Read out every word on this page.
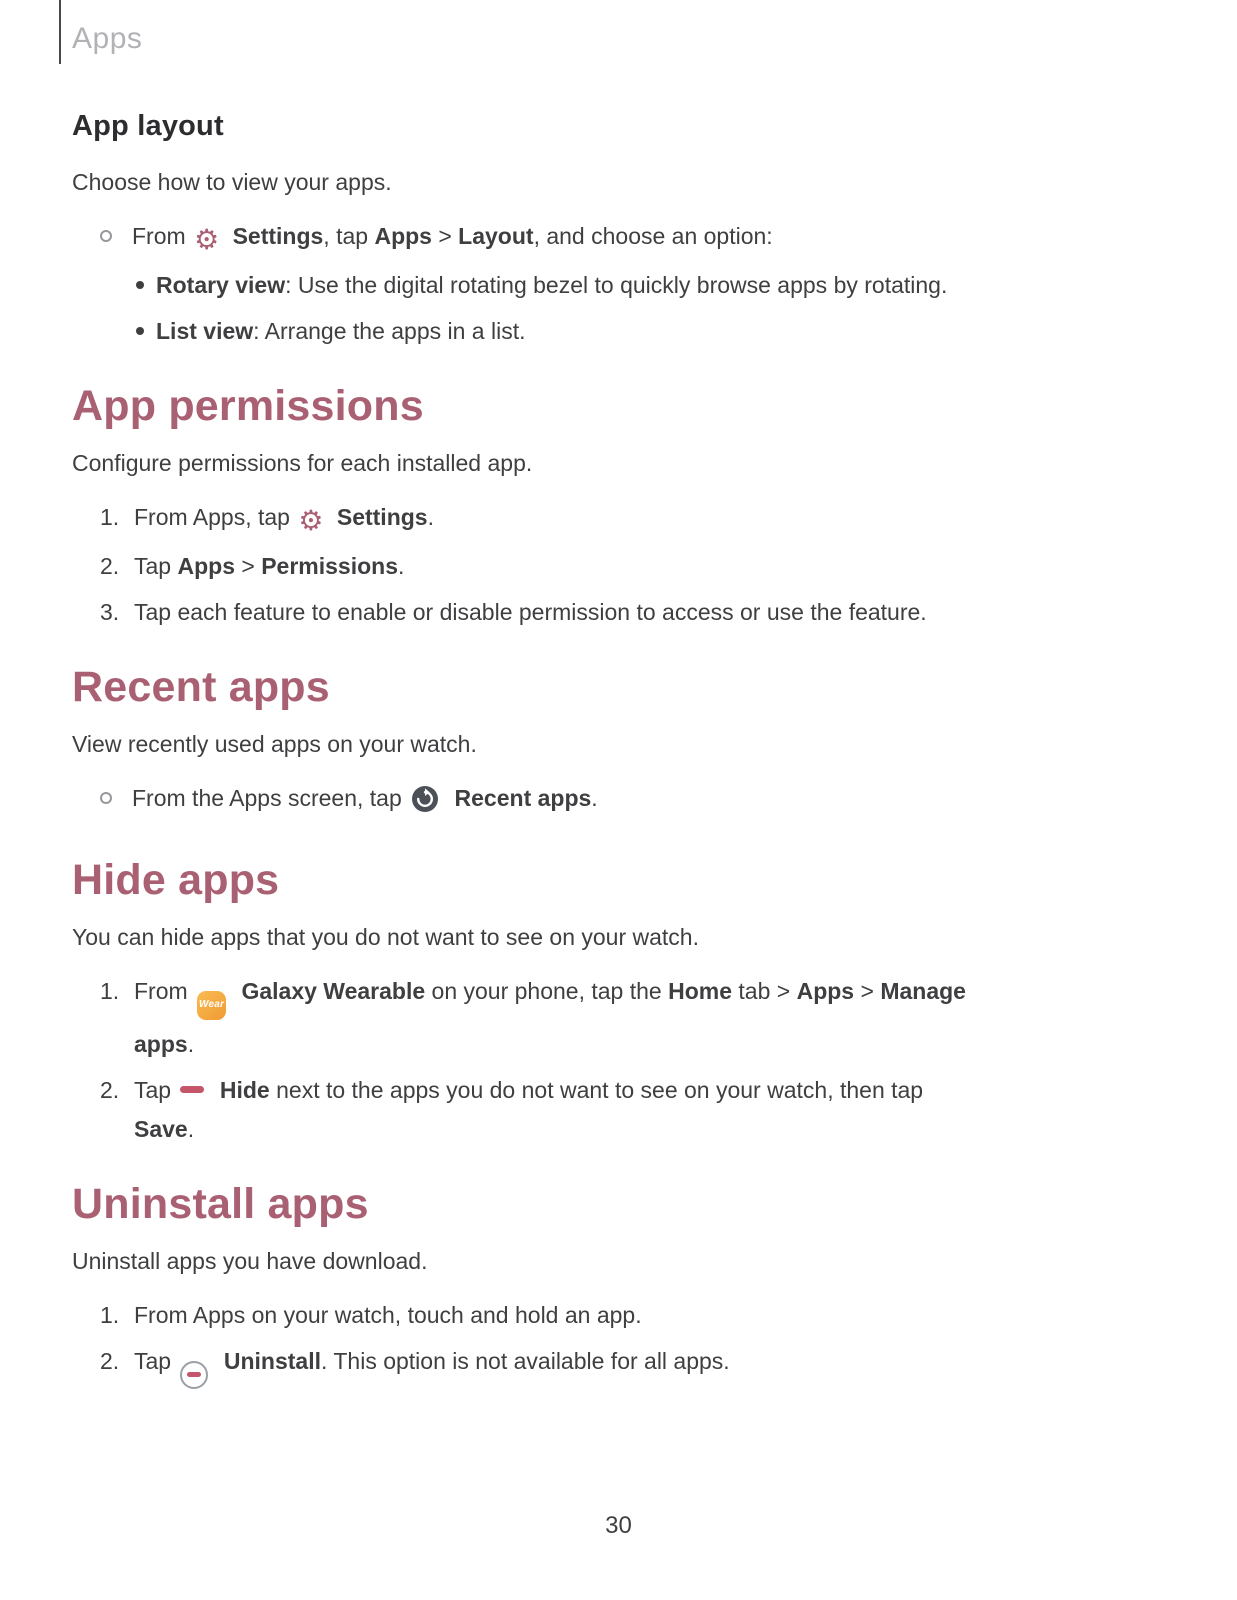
Apps
App layout

Choose how to view your apps.

From ⚙ Settings, tap Apps > Layout, and choose an option:
Rotary view: Use the digital rotating bezel to quickly browse apps by rotating.
List view: Arrange the apps in a list.
App permissions

Configure permissions for each installed app.

1. From Apps, tap ⚙ Settings.
2. Tap Apps > Permissions.
3. Tap each feature to enable or disable permission to access or use the feature.
Recent apps

View recently used apps on your watch.

From the Apps screen, tap  Recent apps.
Hide apps

You can hide apps that you do not want to see on your watch.

1. From
Wear
Galaxy Wearable on your phone, tap the Home tab > Apps > Manage
apps.
2. Tap  Hide next to the apps you do not want to see on your watch, then tap
Save.
Uninstall apps

Uninstall apps you have download.

1. From Apps on your watch, touch and hold an app.
2. Tap
Uninstall. This option is not available for all apps.
30
